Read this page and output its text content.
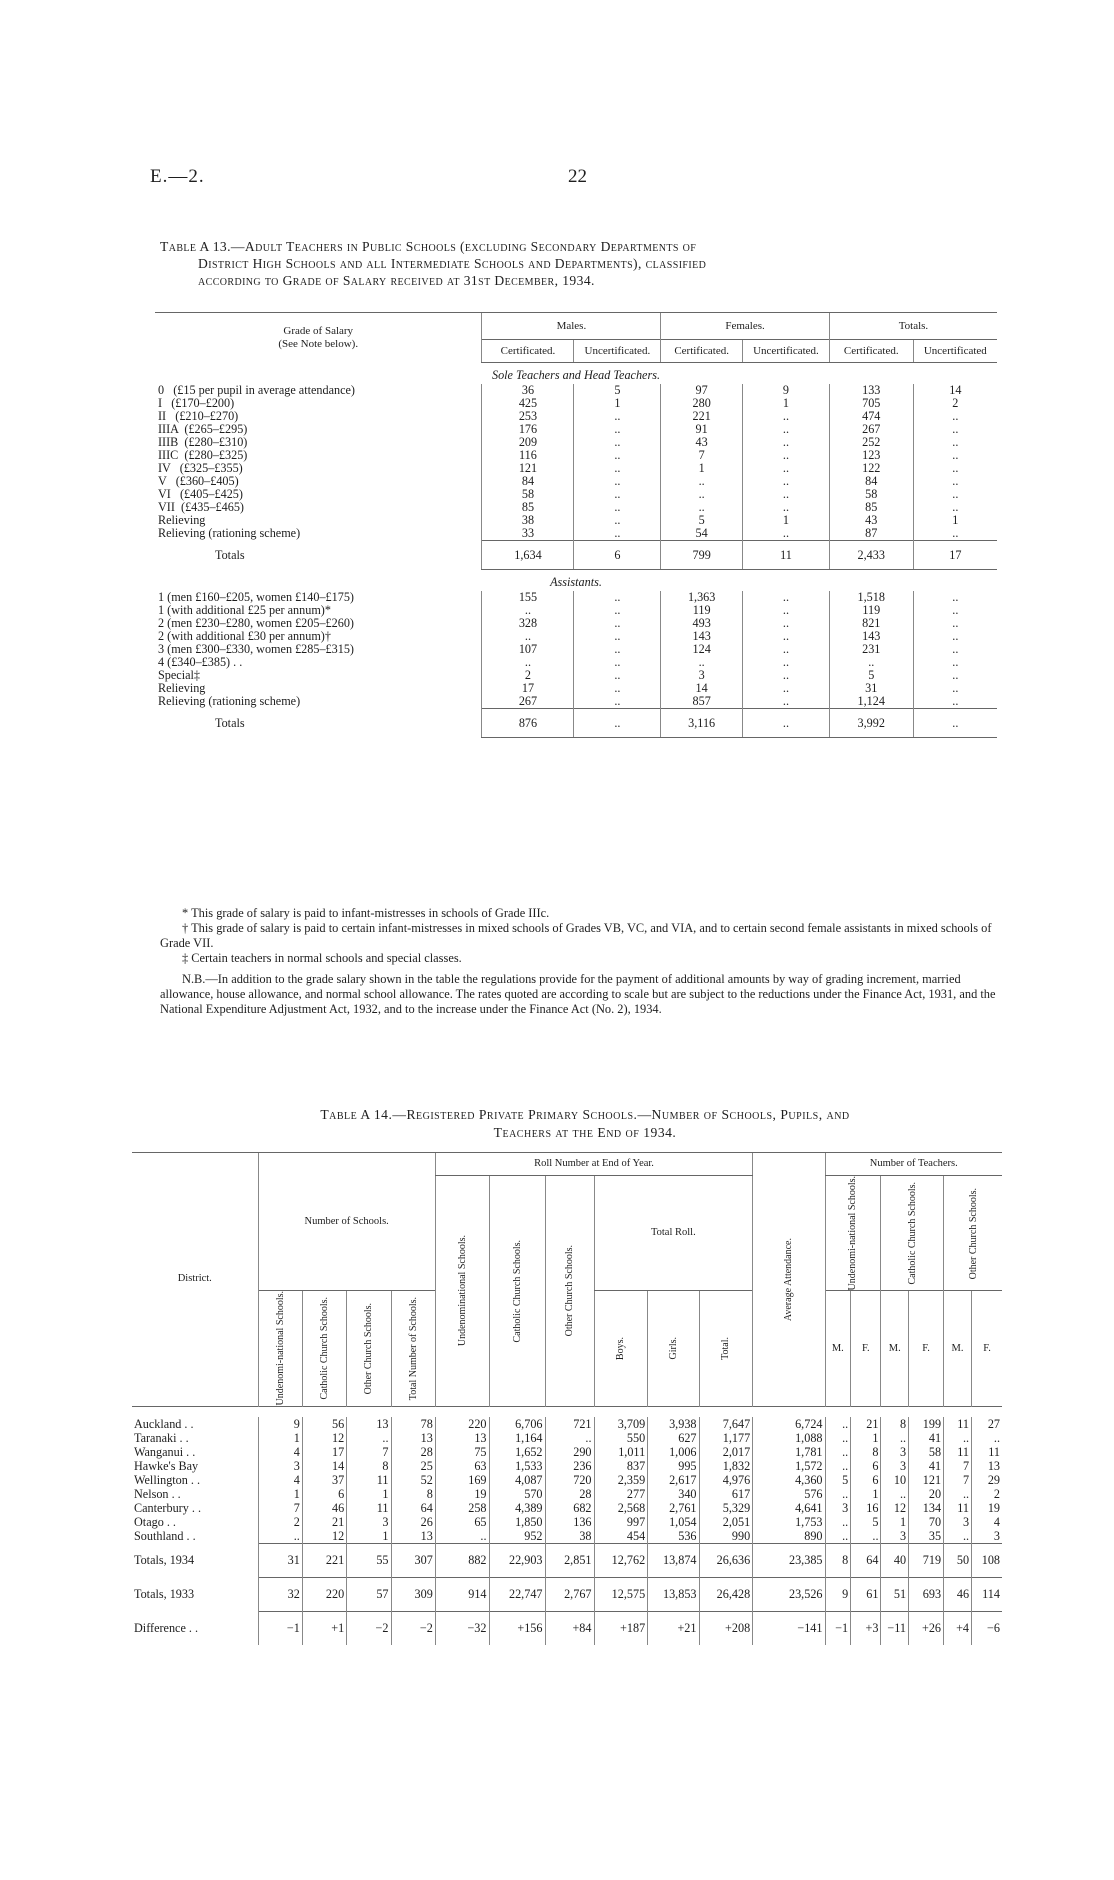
E.—2.	22
Table A 13.—Adult Teachers in Public Schools (excluding Secondary Departments of
District High Schools and all Intermediate Schools and Departments), classified
according to Grade of Salary received at 31st December, 1934.
Grade of Salary
(See Note below).	Males.		Females.		Totals.	
	Certificated.	Uncertificated.	Certificated.	Uncertificated.	Certificated.	Uncertificated
Sole Teachers and Head Teachers.						
0   (£15 per pupil in average attendance)	36	5	97	9	133	14
I   (£170–£200)	425	1	280	1	705	2
II   (£210–£270)	253	..	221	..	474	..
IIIA  (£265–£295)	176	..	91	..	267	..
IIIB  (£280–£310)	209	..	43	..	252	..
IIIC  (£280–£325)	116	..	7	..	123	..
IV   (£325–£355)	121	..	1	..	122	..
V   (£360–£405)	84	..	..	..	84	..
VI   (£405–£425)	58	..	..	..	58	..
VII  (£435–£465)	85	..	..	..	85	..
Relieving	38	..	5	1	43	1
Relieving (rationing scheme)	33	..	54	..	87	..
Totals	1,634	6	799	11	2,433	17
Assistants.						
1 (men £160–£205, women £140–£175)	155	..	1,363	..	1,518	..
1 (with additional £25 per annum)*	..	..	119	..	119	..
2 (men £230–£280, women £205–£260)	328	..	493	..	821	..
2 (with additional £30 per annum)†	..	..	143	..	143	..
3 (men £300–£330, women £285–£315)	107	..	124	..	231	..
4 (£340–£385) . .	..	..	..	..	..	..
Special‡	2	..	3	..	5	..
Relieving	17	..	14	..	31	..
Relieving (rationing scheme)	267	..	857	..	1,124	..
Totals	876	..	3,116	..	3,992	..

* This grade of salary is paid to infant-mistresses in schools of Grade IIIc.

† This grade of salary is paid to certain infant-mistresses in mixed schools of Grades VB, VC, and VIA, and to certain second female assistants in mixed schools of Grade VII.

‡ Certain teachers in normal schools and special classes.

N.B.—In addition to the grade salary shown in the table the regulations provide for the payment of additional amounts by way of grading increment, married allowance, house allowance, and normal school allowance. The rates quoted are according to scale but are subject to the reductions under the Finance Act, 1931, and the National Expenditure Adjustment Act, 1932, and to the increase under the Finance Act (No. 2), 1934.

Table A 14.—Registered Private Primary Schools.—Number of Schools, Pupils, and
Teachers at the End of 1934.
District.	Number of Schools.				Roll Number at End of Year.						Average Attendance.	Number of Teachers.					

					Undenominational Schools.	Catholic Church Schools.	Other Church Schools.	Total Roll.				Undenomi-national Schools.		Catholic Church Schools.		Other Church Schools.	

	Undenomi-national Schools.	Catholic Church Schools.	Other Church Schools.	Total Number of Schools.				Boys.	Girls.	Total.		M.	F.	M.	F.	M.	F.

Auckland . .	9	56	13	78	220	6,706	721	3,709	3,938	7,647	6,724	..	21	8	199	11	27
Taranaki . .	1	12	..	13	13	1,164	..	550	627	1,177	1,088	..	1	..	41	..	..
Wanganui . .	4	17	7	28	75	1,652	290	1,011	1,006	2,017	1,781	..	8	3	58	11	11
Hawke's Bay	3	14	8	25	63	1,533	236	837	995	1,832	1,572	..	6	3	41	7	13
Wellington . .	4	37	11	52	169	4,087	720	2,359	2,617	4,976	4,360	5	6	10	121	7	29
Nelson . .	1	6	1	8	19	570	28	277	340	617	576	..	1	..	20	..	2
Canterbury . .	7	46	11	64	258	4,389	682	2,568	2,761	5,329	4,641	3	16	12	134	11	19
Otago . .	2	21	3	26	65	1,850	136	997	1,054	2,051	1,753	..	5	1	70	3	4
Southland . .	..	12	1	13	..	952	38	454	536	990	890	..	..	3	35	..	3
Totals, 1934	31	221	55	307	882	22,903	2,851	12,762	13,874	26,636	23,385	8	64	40	719	50	108
Totals, 1933	32	220	57	309	914	22,747	2,767	12,575	13,853	26,428	23,526	9	61	51	693	46	114
Difference . .	−1	+1	−2	−2	−32	+156	+84	+187	+21	+208	−141	−1	+3	−11	+26	+4	−6
